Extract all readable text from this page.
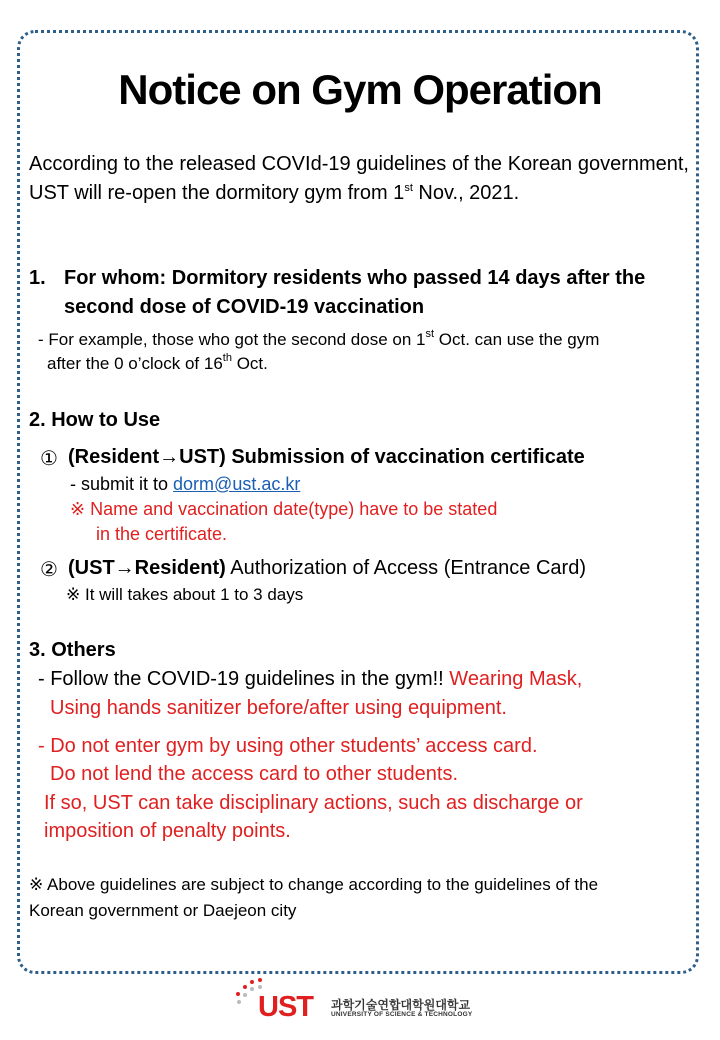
Notice on Gym Operation

According to the released COVId-19 guidelines of the Korean government, UST will re-open the dormitory gym from 1st Nov., 2021.

1. For whom: Dormitory residents who passed 14 days after the

second dose of COVID-19 vaccination

- For example, those who got the second dose on 1st Oct. can use the gym

after the 0 o’clock of 16th Oct.

2. How to Use

① (Resident→UST) Submission of vaccination certificate

- submit it to dorm@ust.ac.kr

※ Name and vaccination date(type) have to be stated

in the certificate.

② (UST→Resident) Authorization of Access (Entrance Card)

※ It will takes about 1 to 3 days

3. Others

- Follow the COVID-19 guidelines in the gym!! Wearing Mask,

Using hands sanitizer before/after using equipment.

- Do not enter gym by using other students’ access card.

Do not lend the access card to other students.

If so, UST can take disciplinary actions, such as discharge or

imposition of penalty points.

※ Above guidelines are subject to change according to the guidelines of the

Korean government or Daejeon city

UST 과학기술연합대학원대학교
UNIVERSITY OF SCIENCE & TECHNOLOGY
